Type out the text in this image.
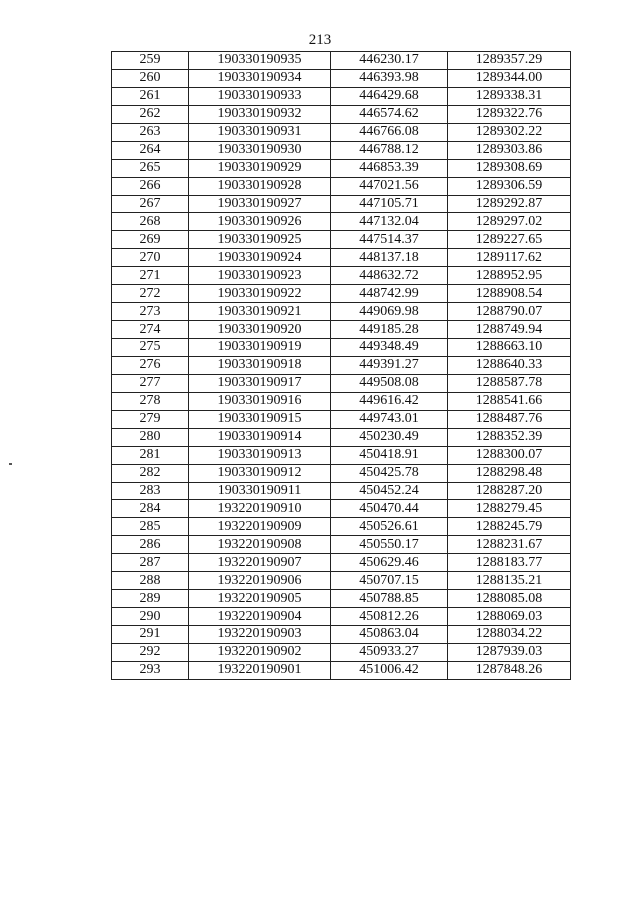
213
259	190330190935	446230.17	1289357.29
260	190330190934	446393.98	1289344.00
261	190330190933	446429.68	1289338.31
262	190330190932	446574.62	1289322.76
263	190330190931	446766.08	1289302.22
264	190330190930	446788.12	1289303.86
265	190330190929	446853.39	1289308.69
266	190330190928	447021.56	1289306.59
267	190330190927	447105.71	1289292.87
268	190330190926	447132.04	1289297.02
269	190330190925	447514.37	1289227.65
270	190330190924	448137.18	1289117.62
271	190330190923	448632.72	1288952.95
272	190330190922	448742.99	1288908.54
273	190330190921	449069.98	1288790.07
274	190330190920	449185.28	1288749.94
275	190330190919	449348.49	1288663.10
276	190330190918	449391.27	1288640.33
277	190330190917	449508.08	1288587.78
278	190330190916	449616.42	1288541.66
279	190330190915	449743.01	1288487.76
280	190330190914	450230.49	1288352.39
281	190330190913	450418.91	1288300.07
282	190330190912	450425.78	1288298.48
283	190330190911	450452.24	1288287.20
284	193220190910	450470.44	1288279.45
285	193220190909	450526.61	1288245.79
286	193220190908	450550.17	1288231.67
287	193220190907	450629.46	1288183.77
288	193220190906	450707.15	1288135.21
289	193220190905	450788.85	1288085.08
290	193220190904	450812.26	1288069.03
291	193220190903	450863.04	1288034.22
292	193220190902	450933.27	1287939.03
293	193220190901	451006.42	1287848.26
